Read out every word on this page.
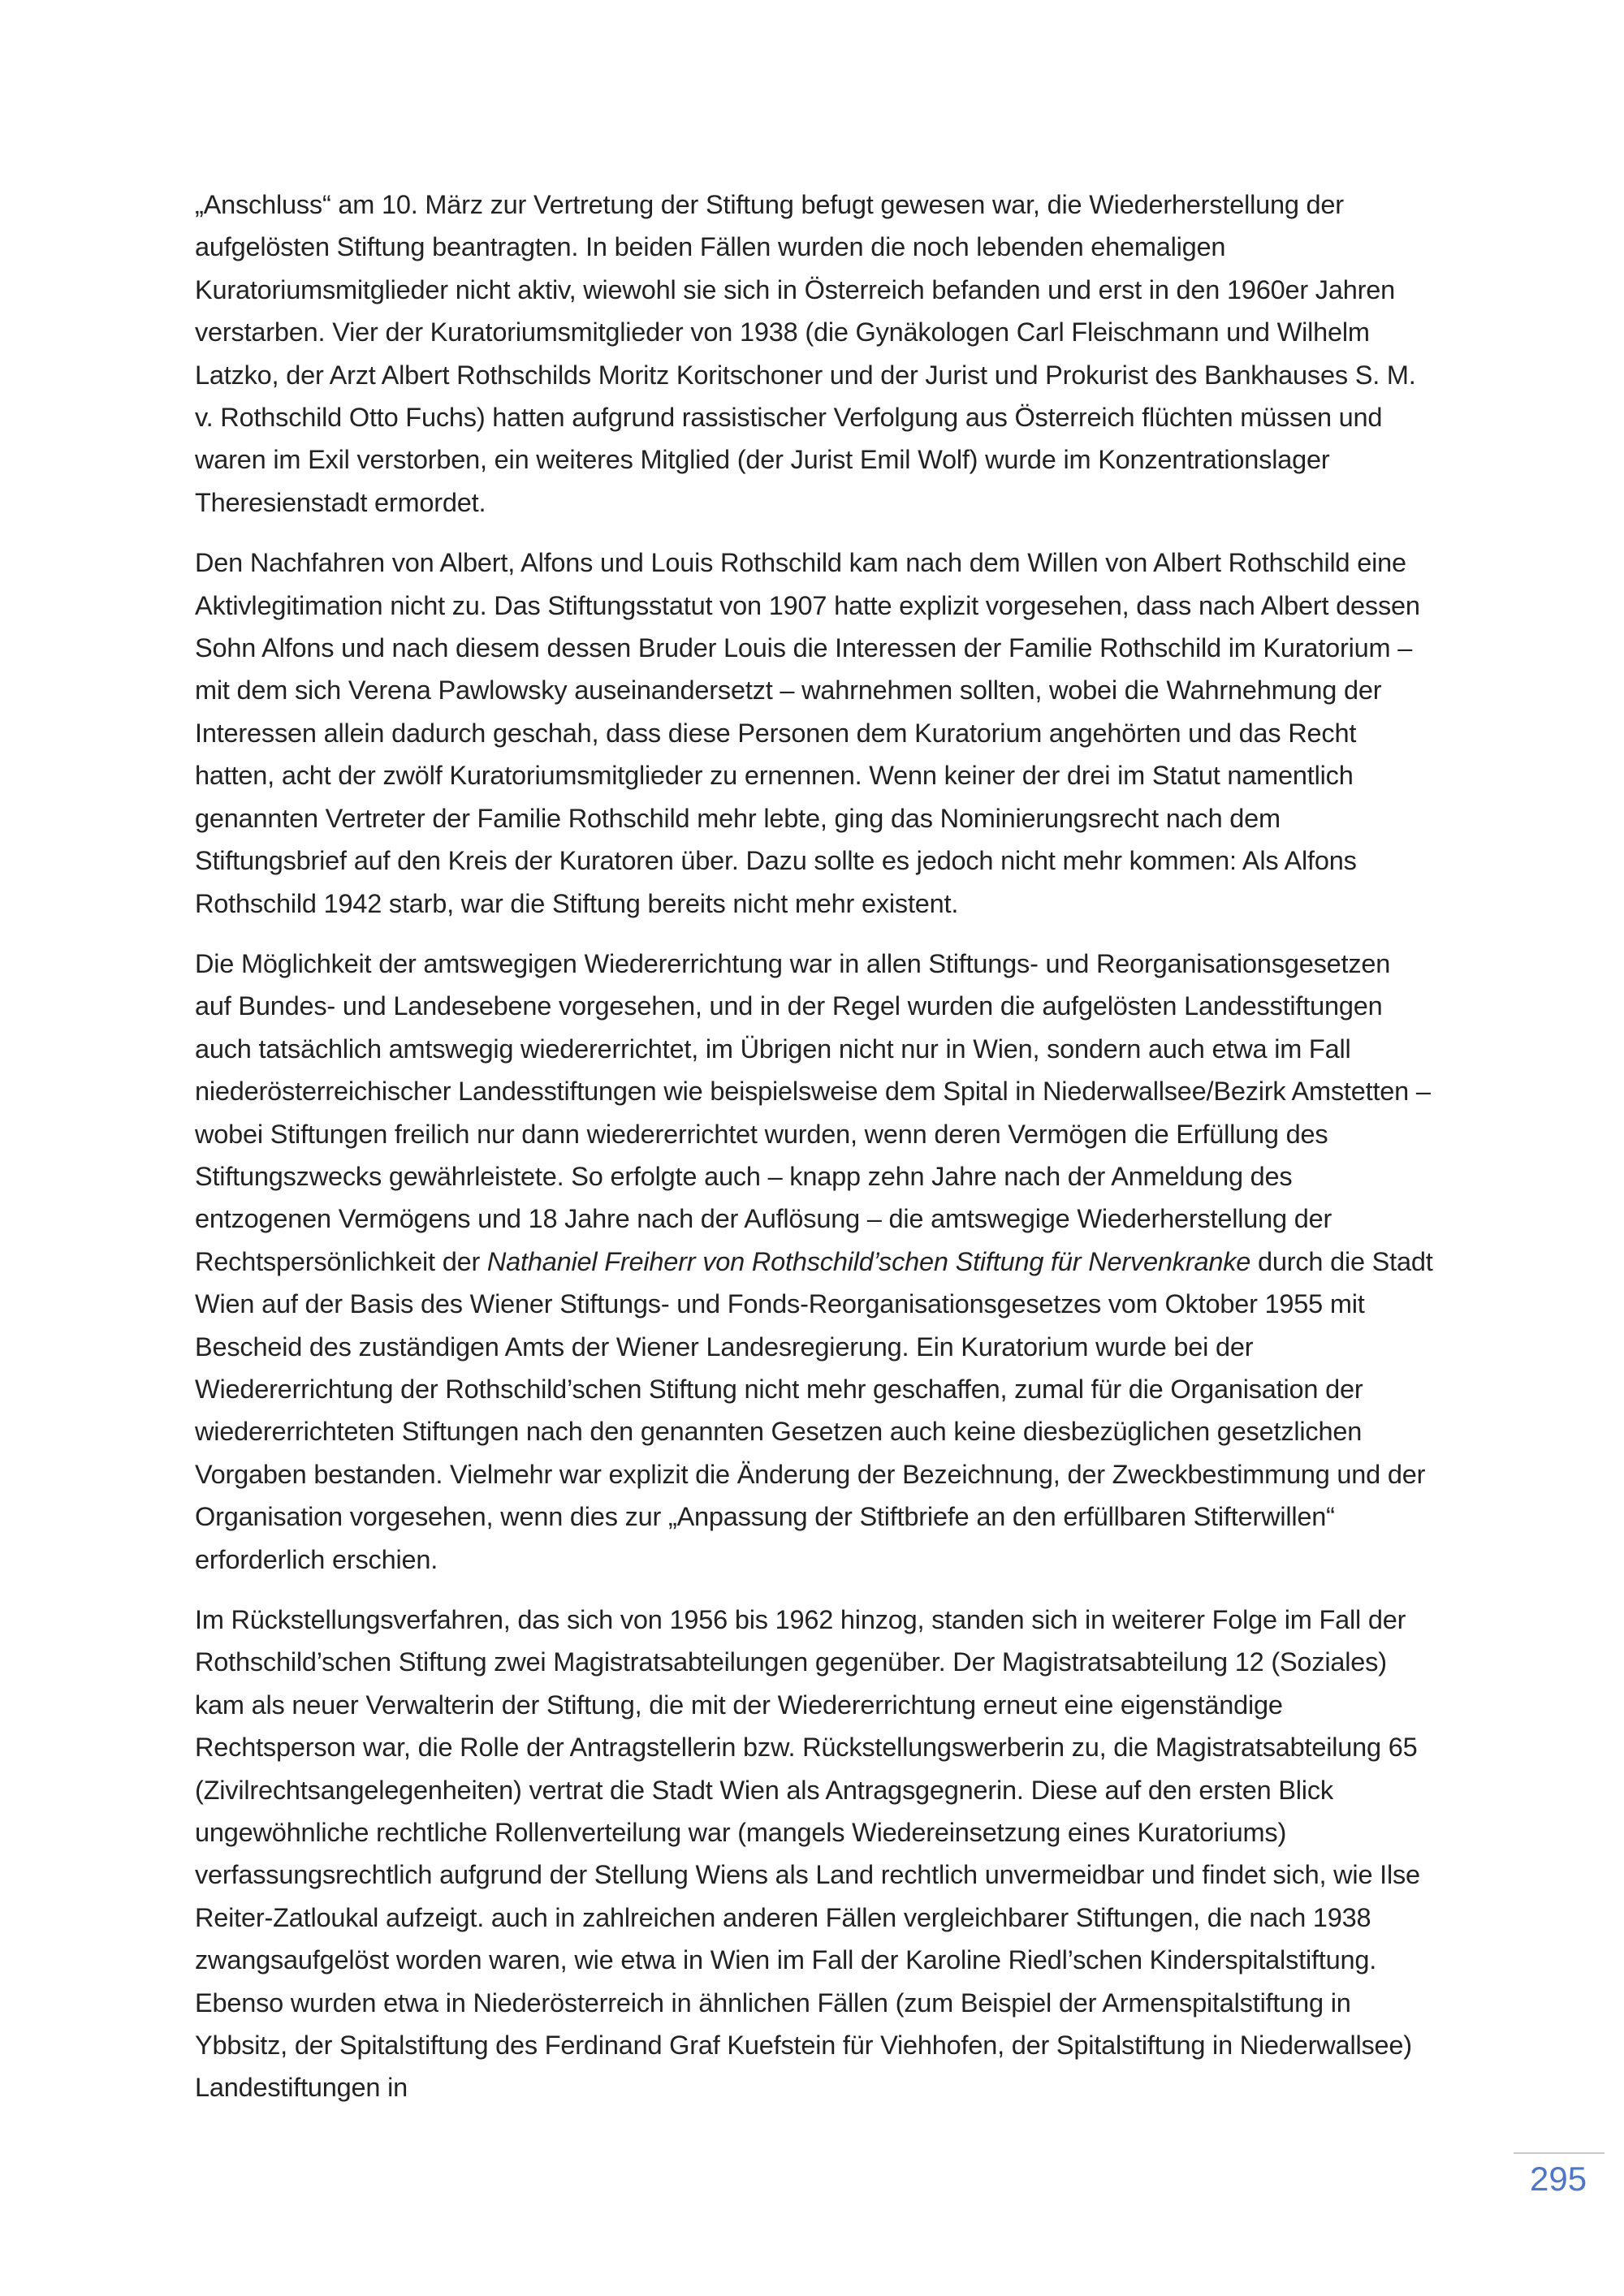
„Anschluss“ am 10. März zur Vertretung der Stiftung befugt gewesen war, die Wiederherstellung der aufgelösten Stiftung beantragten. In beiden Fällen wurden die noch lebenden ehemaligen Kuratoriumsmitglieder nicht aktiv, wiewohl sie sich in Österreich befanden und erst in den 1960er Jahren verstarben. Vier der Kuratoriumsmitglieder von 1938 (die Gynäkologen Carl Fleischmann und Wilhelm Latzko, der Arzt Albert Rothschilds Moritz Koritschoner und der Jurist und Prokurist des Bankhauses S. M. v. Rothschild Otto Fuchs) hatten aufgrund rassistischer Verfolgung aus Österreich flüchten müssen und waren im Exil verstorben, ein weiteres Mitglied (der Jurist Emil Wolf) wurde im Konzentrationslager Theresienstadt ermordet.

Den Nachfahren von Albert, Alfons und Louis Rothschild kam nach dem Willen von Albert Rothschild eine Aktivlegitimation nicht zu. Das Stiftungsstatut von 1907 hatte explizit vorgesehen, dass nach Albert dessen Sohn Alfons und nach diesem dessen Bruder Louis die Interessen der Familie Rothschild im Kuratorium – mit dem sich Verena Pawlowsky auseinandersetzt – wahrnehmen sollten, wobei die Wahrnehmung der Interessen allein dadurch geschah, dass diese Personen dem Kuratorium angehörten und das Recht hatten, acht der zwölf Kuratoriumsmitglieder zu ernennen. Wenn keiner der drei im Statut namentlich genannten Vertreter der Familie Rothschild mehr lebte, ging das Nominierungsrecht nach dem Stiftungsbrief auf den Kreis der Kuratoren über. Dazu sollte es jedoch nicht mehr kommen: Als Alfons Rothschild 1942 starb, war die Stiftung bereits nicht mehr existent.

Die Möglichkeit der amtswegigen Wiedererrichtung war in allen Stiftungs- und Reorganisationsgesetzen auf Bundes- und Landesebene vorgesehen, und in der Regel wurden die aufgelösten Landesstiftungen auch tatsächlich amtswegig wiedererrichtet, im Übrigen nicht nur in Wien, sondern auch etwa im Fall niederösterreichischer Landesstiftungen wie beispielsweise dem Spital in Niederwallsee/Bezirk Amstetten – wobei Stiftungen freilich nur dann wiedererrichtet wurden, wenn deren Vermögen die Erfüllung des Stiftungszwecks gewährleistete. So erfolgte auch – knapp zehn Jahre nach der Anmeldung des entzogenen Vermögens und 18 Jahre nach der Auflösung – die amtswegige Wiederherstellung der Rechtspersönlichkeit der Nathaniel Freiherr von Rothschild’schen Stiftung für Nervenkranke durch die Stadt Wien auf der Basis des Wiener Stiftungs- und Fonds-Reorganisationsgesetzes vom Oktober 1955 mit Bescheid des zuständigen Amts der Wiener Landesregierung. Ein Kuratorium wurde bei der Wiedererrichtung der Rothschild’schen Stiftung nicht mehr geschaffen, zumal für die Organisation der wiedererrichteten Stiftungen nach den genannten Gesetzen auch keine diesbezüglichen gesetzlichen Vorgaben bestanden. Vielmehr war explizit die Änderung der Bezeichnung, der Zweckbestimmung und der Organisation vorgesehen, wenn dies zur „Anpassung der Stiftbriefe an den erfüllbaren Stifterwillen“ erforderlich erschien.

Im Rückstellungsverfahren, das sich von 1956 bis 1962 hinzog, standen sich in weiterer Folge im Fall der Rothschild’schen Stiftung zwei Magistratsabteilungen gegenüber. Der Magistratsabteilung 12 (Soziales) kam als neuer Verwalterin der Stiftung, die mit der Wiedererrichtung erneut eine eigenständige Rechtsperson war, die Rolle der Antragstellerin bzw. Rückstellungswerberin zu, die Magistratsabteilung 65 (Zivilrechtsangelegenheiten) vertrat die Stadt Wien als Antragsgegnerin. Diese auf den ersten Blick ungewöhnliche rechtliche Rollenverteilung war (mangels Wiedereinsetzung eines Kuratoriums) verfassungsrechtlich aufgrund der Stellung Wiens als Land rechtlich unvermeidbar und findet sich, wie Ilse Reiter-Zatloukal aufzeigt. auch in zahlreichen anderen Fällen vergleichbarer Stiftungen, die nach 1938 zwangsaufgelöst worden waren, wie etwa in Wien im Fall der Karoline Riedl’schen Kinderspitalstiftung. Ebenso wurden etwa in Niederösterreich in ähnlichen Fällen (zum Beispiel der Armenspitalstiftung in Ybbsitz, der Spitalstiftung des Ferdinand Graf Kuefstein für Viehhofen, der Spitalstiftung in Niederwallsee) Landestiftungen in

295
